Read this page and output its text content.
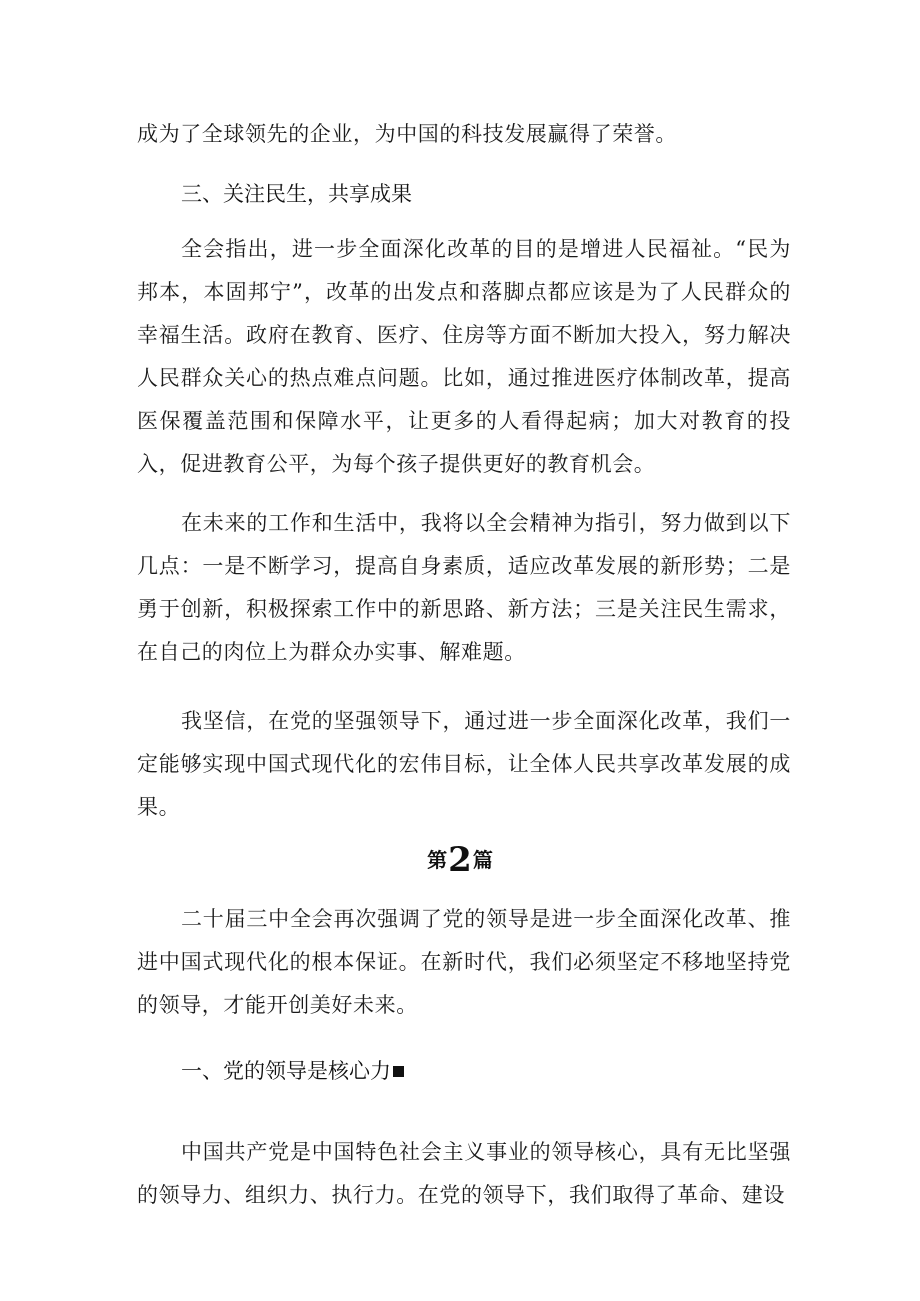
成为了全球领先的企业，为中国的科技发展赢得了荣誉。

三、关注民生，共享成果

全会指出，进一步全面深化改革的目的是增进人民福祉。“民为邦本，本固邦宁”，改革的出发点和落脚点都应该是为了人民群众的幸福生活。政府在教育、医疗、住房等方面不断加大投入，努力解决人民群众关心的热点难点问题。比如，通过推进医疗体制改革，提高医保覆盖范围和保障水平，让更多的人看得起病；加大对教育的投入，促进教育公平，为每个孩子提供更好的教育机会。

在未来的工作和生活中，我将以全会精神为指引，努力做到以下几点：一是不断学习，提高自身素质，适应改革发展的新形势；二是勇于创新，积极探索工作中的新思路、新方法；三是关注民生需求，在自己的肉位上为群众办实事、解难题。

我坚信，在党的坚强领导下，通过进一步全面深化改革，我们一定能够实现中国式现代化的宏伟目标，让全体人民共享改革发展的成果。

第2篇

二十届三中全会再次强调了党的领导是进一步全面深化改革、推进中国式现代化的根本保证。在新时代，我们必须坚定不移地坚持党的领导，才能开创美好未来。

一、党的领导是核心力

中国共产党是中国特色社会主义事业的领导核心，具有无比坚强的领导力、组织力、执行力。在党的领导下，我们取得了革命、建设
